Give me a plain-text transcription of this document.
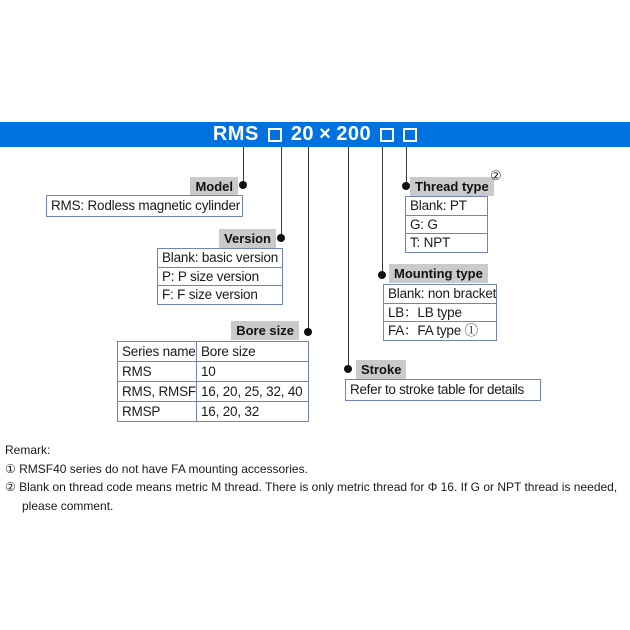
RMS 20 × 200
Model
RMS: Rodless magnetic cylinder
Thread type
②
Blank: PT
G: G
T: NPT
Version
Blank: basic version
P: P size version
F: F size version
Mounting type
Blank: non bracket
LB：LB type
FA：FA type ①
Bore size
Series name Bore size
RMS	10
RMS, RMSF 16, 20, 25, 32, 40
RMSP	16, 20, 32
Stroke
Refer to stroke table for details
Remark:
① RMSF40 series do not have FA mounting accessories.
② Blank on thread code means metric M thread. There is only metric thread for Φ 16. If G or NPT thread is needed,
please comment.
